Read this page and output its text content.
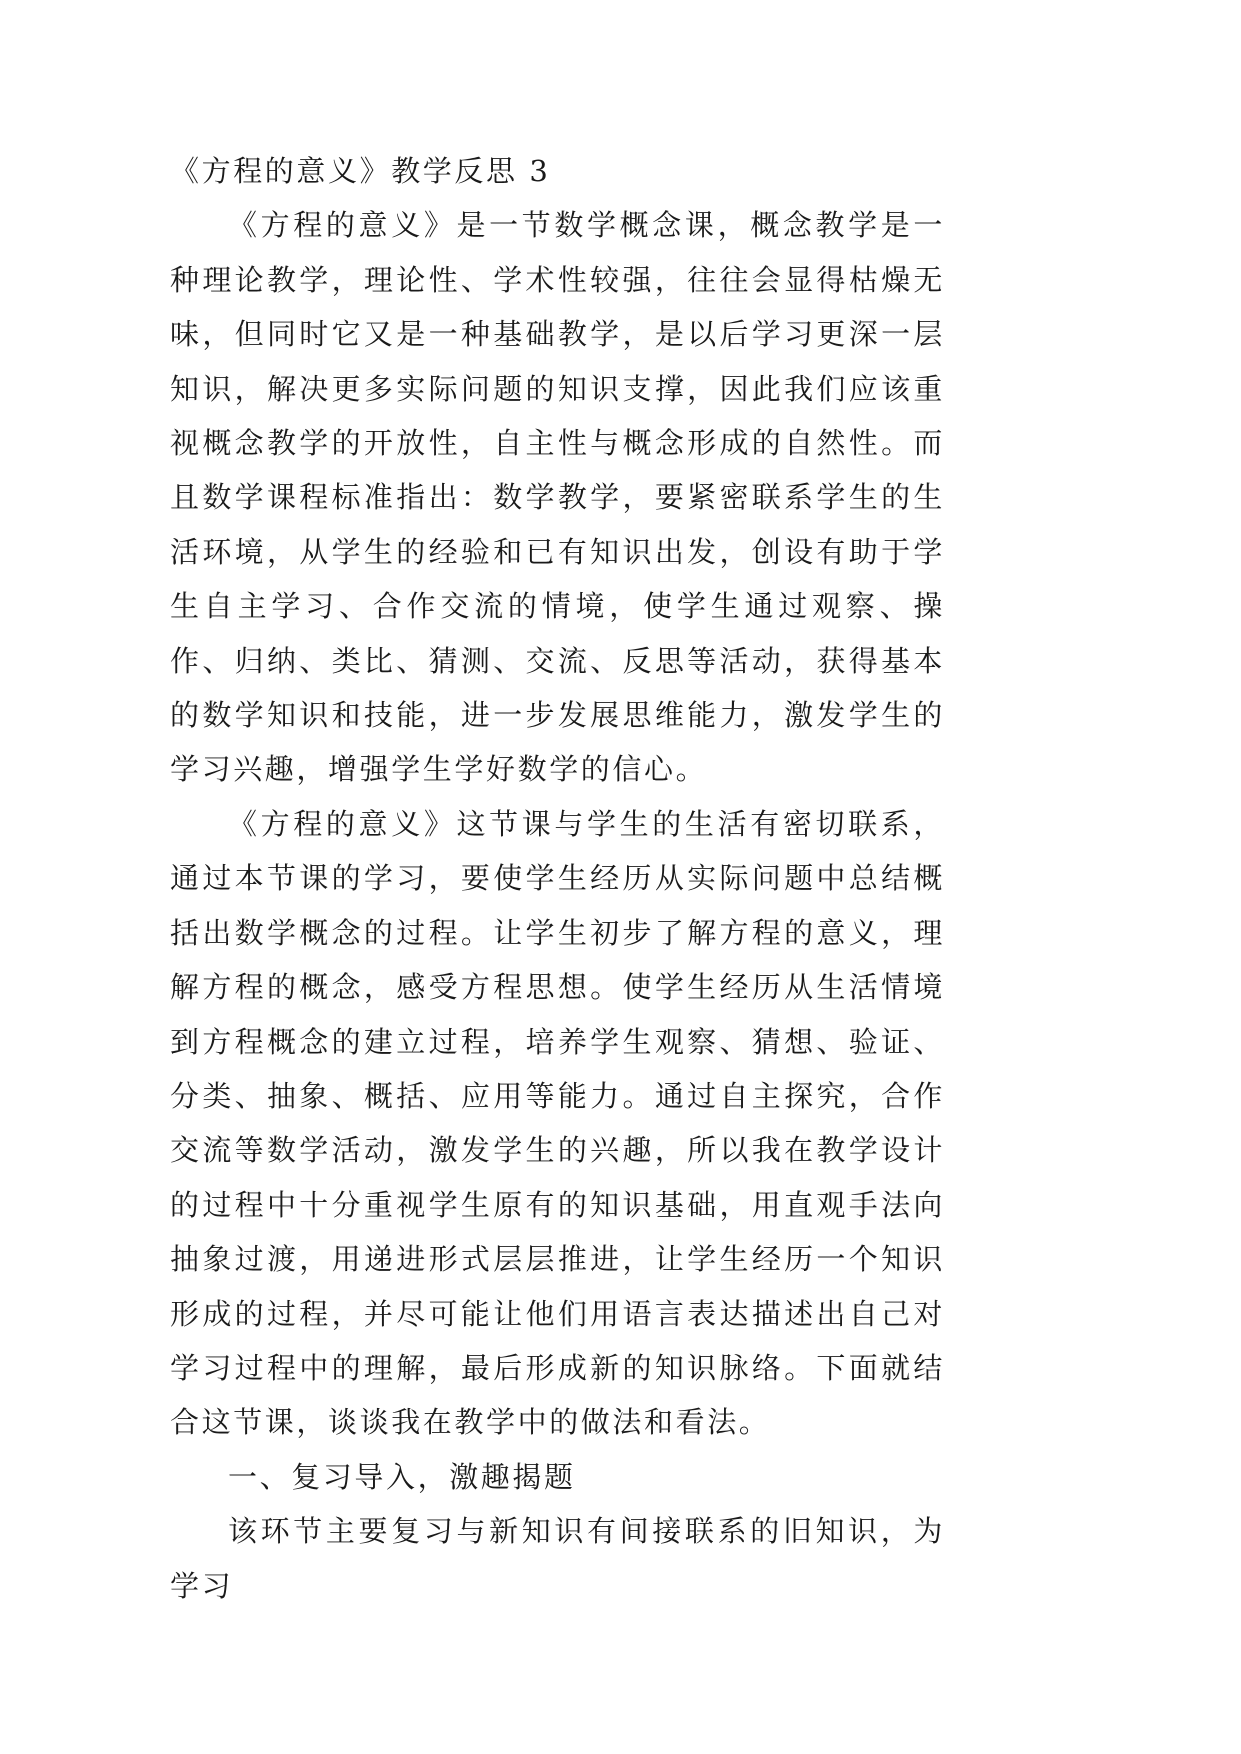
《方程的意义》教学反思 3

《方程的意义》是一节数学概念课，概念教学是一种理论教学，理论性、学术性较强，往往会显得枯燥无味，但同时它又是一种基础教学，是以后学习更深一层知识，解决更多实际问题的知识支撑，因此我们应该重视概念教学的开放性，自主性与概念形成的自然性。而且数学课程标准指出：数学教学，要紧密联系学生的生活环境，从学生的经验和已有知识出发，创设有助于学生自主学习、合作交流的情境，使学生通过观察、操作、归纳、类比、猜测、交流、反思等活动，获得基本的数学知识和技能，进一步发展思维能力，激发学生的学习兴趣，增强学生学好数学的信心。

《方程的意义》这节课与学生的生活有密切联系，通过本节课的学习，要使学生经历从实际问题中总结概括出数学概念的过程。让学生初步了解方程的意义，理解方程的概念，感受方程思想。使学生经历从生活情境到方程概念的建立过程，培养学生观察、猜想、验证、分类、抽象、概括、应用等能力。通过自主探究，合作交流等数学活动，激发学生的兴趣，所以我在教学设计的过程中十分重视学生原有的知识基础，用直观手法向抽象过渡，用递进形式层层推进，让学生经历一个知识形成的过程，并尽可能让他们用语言表达描述出自己对学习过程中的理解，最后形成新的知识脉络。下面就结合这节课，谈谈我在教学中的做法和看法。

一、复习导入，激趣揭题

该环节主要复习与新知识有间接联系的旧知识，为学习
